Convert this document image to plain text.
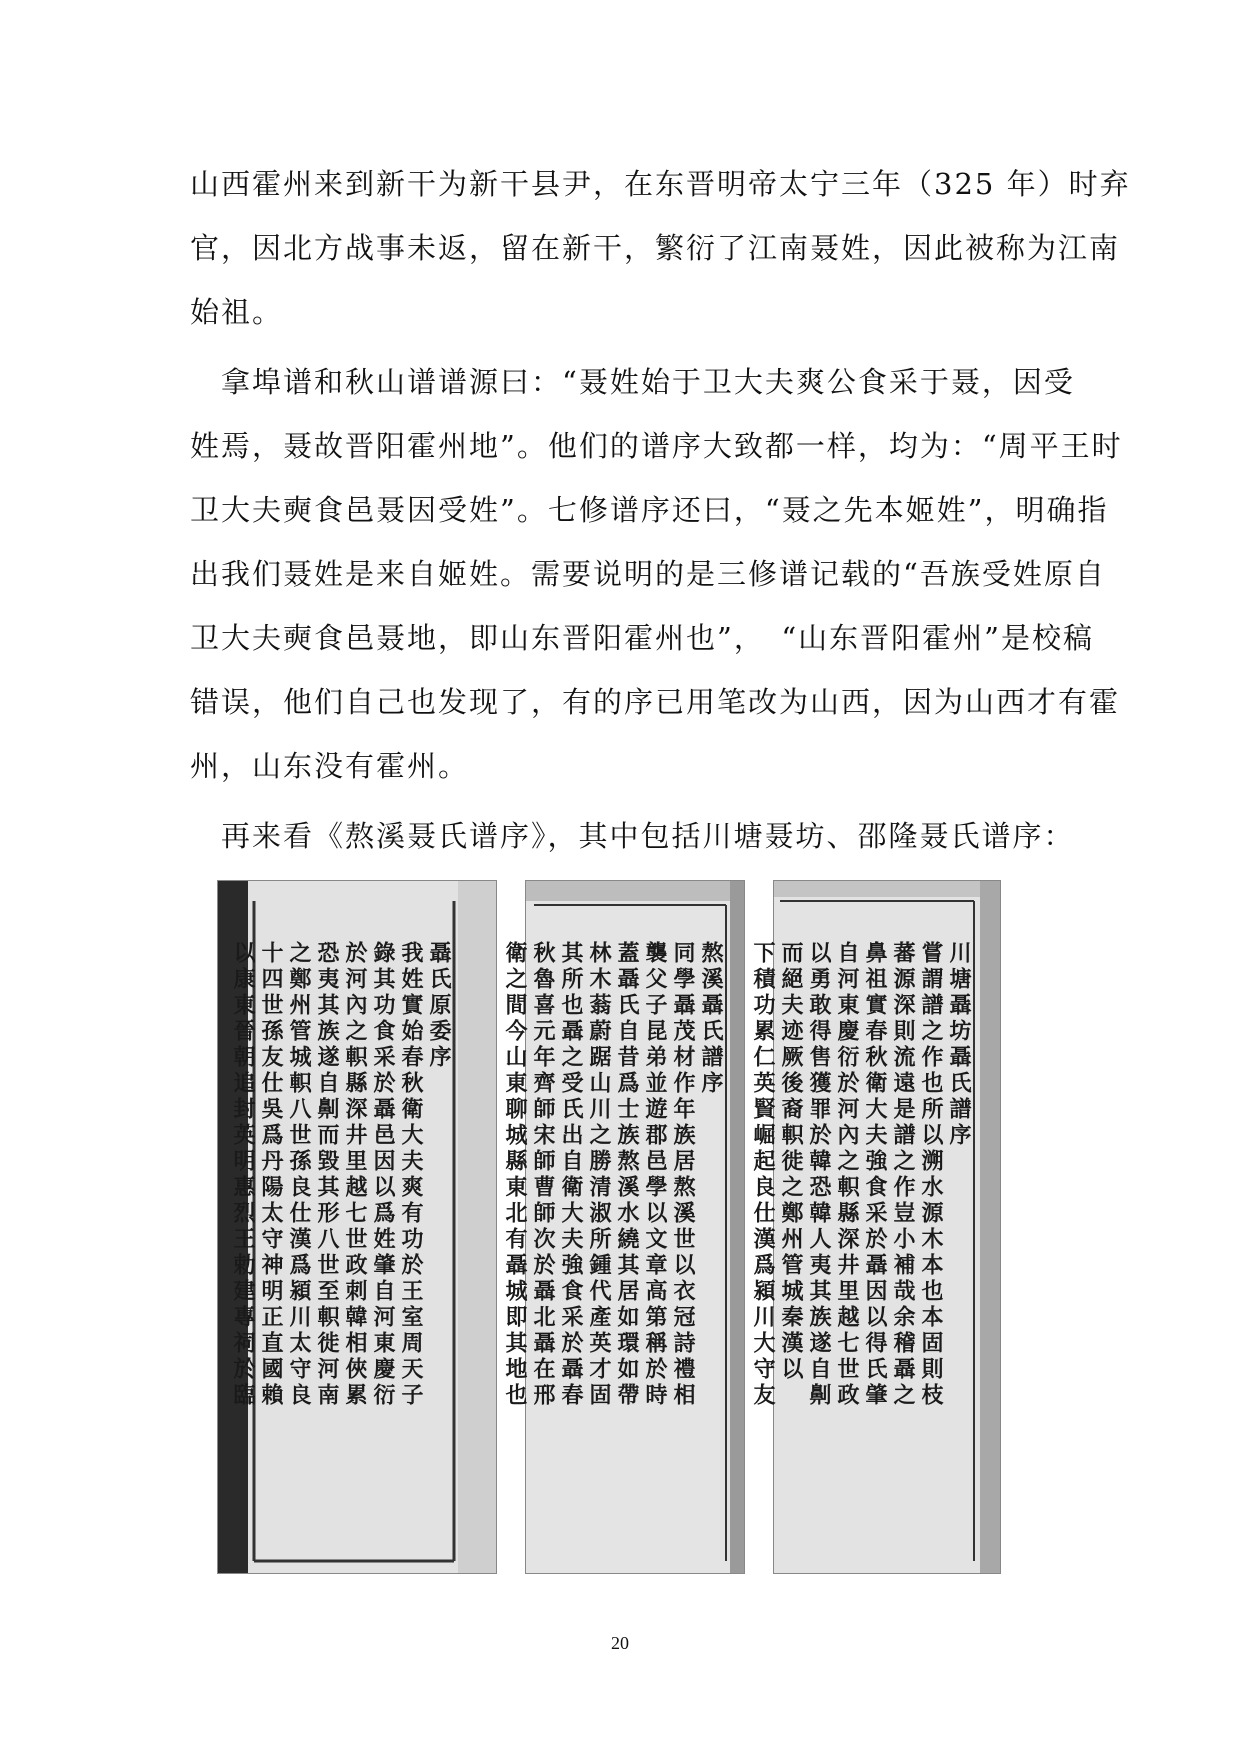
山西霍州来到新干为新干县尹，在东晋明帝太宁三年（325 年）时弃
官，因北方战事未返，留在新干，繁衍了江南聂姓，因此被称为江南
始祖。
　拿埠谱和秋山谱谱源曰：“聂姓始于卫大夫爽公食采于聂，因受
姓焉，聂故晋阳霍州地”。他们的谱序大致都一样，均为：“周平王时
卫大夫奭食邑聂因受姓”。七修谱序还曰，“聂之先本姬姓”，明确指
出我们聂姓是来自姬姓。需要说明的是三修谱记载的“吾族受姓原自
卫大夫奭食邑聂地，即山东晋阳霍州也”，　“山东晋阳霍州”是校稿
错误，他们自己也发现了，有的序已用笔改为山西，因为山西才有霍
州，山东没有霍州。
　再来看《熬溪聂氏谱序》，其中包括川塘聂坊、邵隆聂氏谱序：
聶氏原委序
我姓實始春秋衛大夫爽有功於王室周天子
錄其功食采於聶邑因以爲姓肇自河東慶衍
於河內之軹縣深井里越七世政刺韓相俠累
恐夷其族遂自劓而毀其形八世至軹徙河南
之鄭州管城軹八世孫良仕漢爲潁川太守良
十四世孫友仕吳爲丹陽太守神明正直國賴
以康東晉朝追封英明惠烈王勅建專祠於臨	熬溪聶氏譜序
同學聶茂材作年族居熬溪世以衣冠詩禮相
襲父子昆弟並遊郡邑學以文章高第稱於時
蓋聶氏自昔爲士族熬溪水繞其居如環如帶
林木蓊蔚踞山川之勝清淑所鍾代產英才固
其所也聶之受氏出自衛大夫強食采於聶春
秋魯喜元年齊師宋師曹師次於聶北聶在邢
衛之間今山東聊城縣東北有聶城即其地也	川塘聶坊聶氏譜序
嘗謂譜之作也所以溯水源木本也本固則枝
蕃源深則流遠是譜之作豈小補哉余稽聶之
鼻祖實春秋衛大夫強食采於聶因以得氏肇
自河東慶衍於河內之軹縣深井里越七世政
以勇敢得售獲罪於韓恐韓人夷其族遂自劓
而絕夫迹厥後裔軹徙之鄭州管城秦漢以
下積功累仁英賢崛起良仕漢爲潁川大守友
20
